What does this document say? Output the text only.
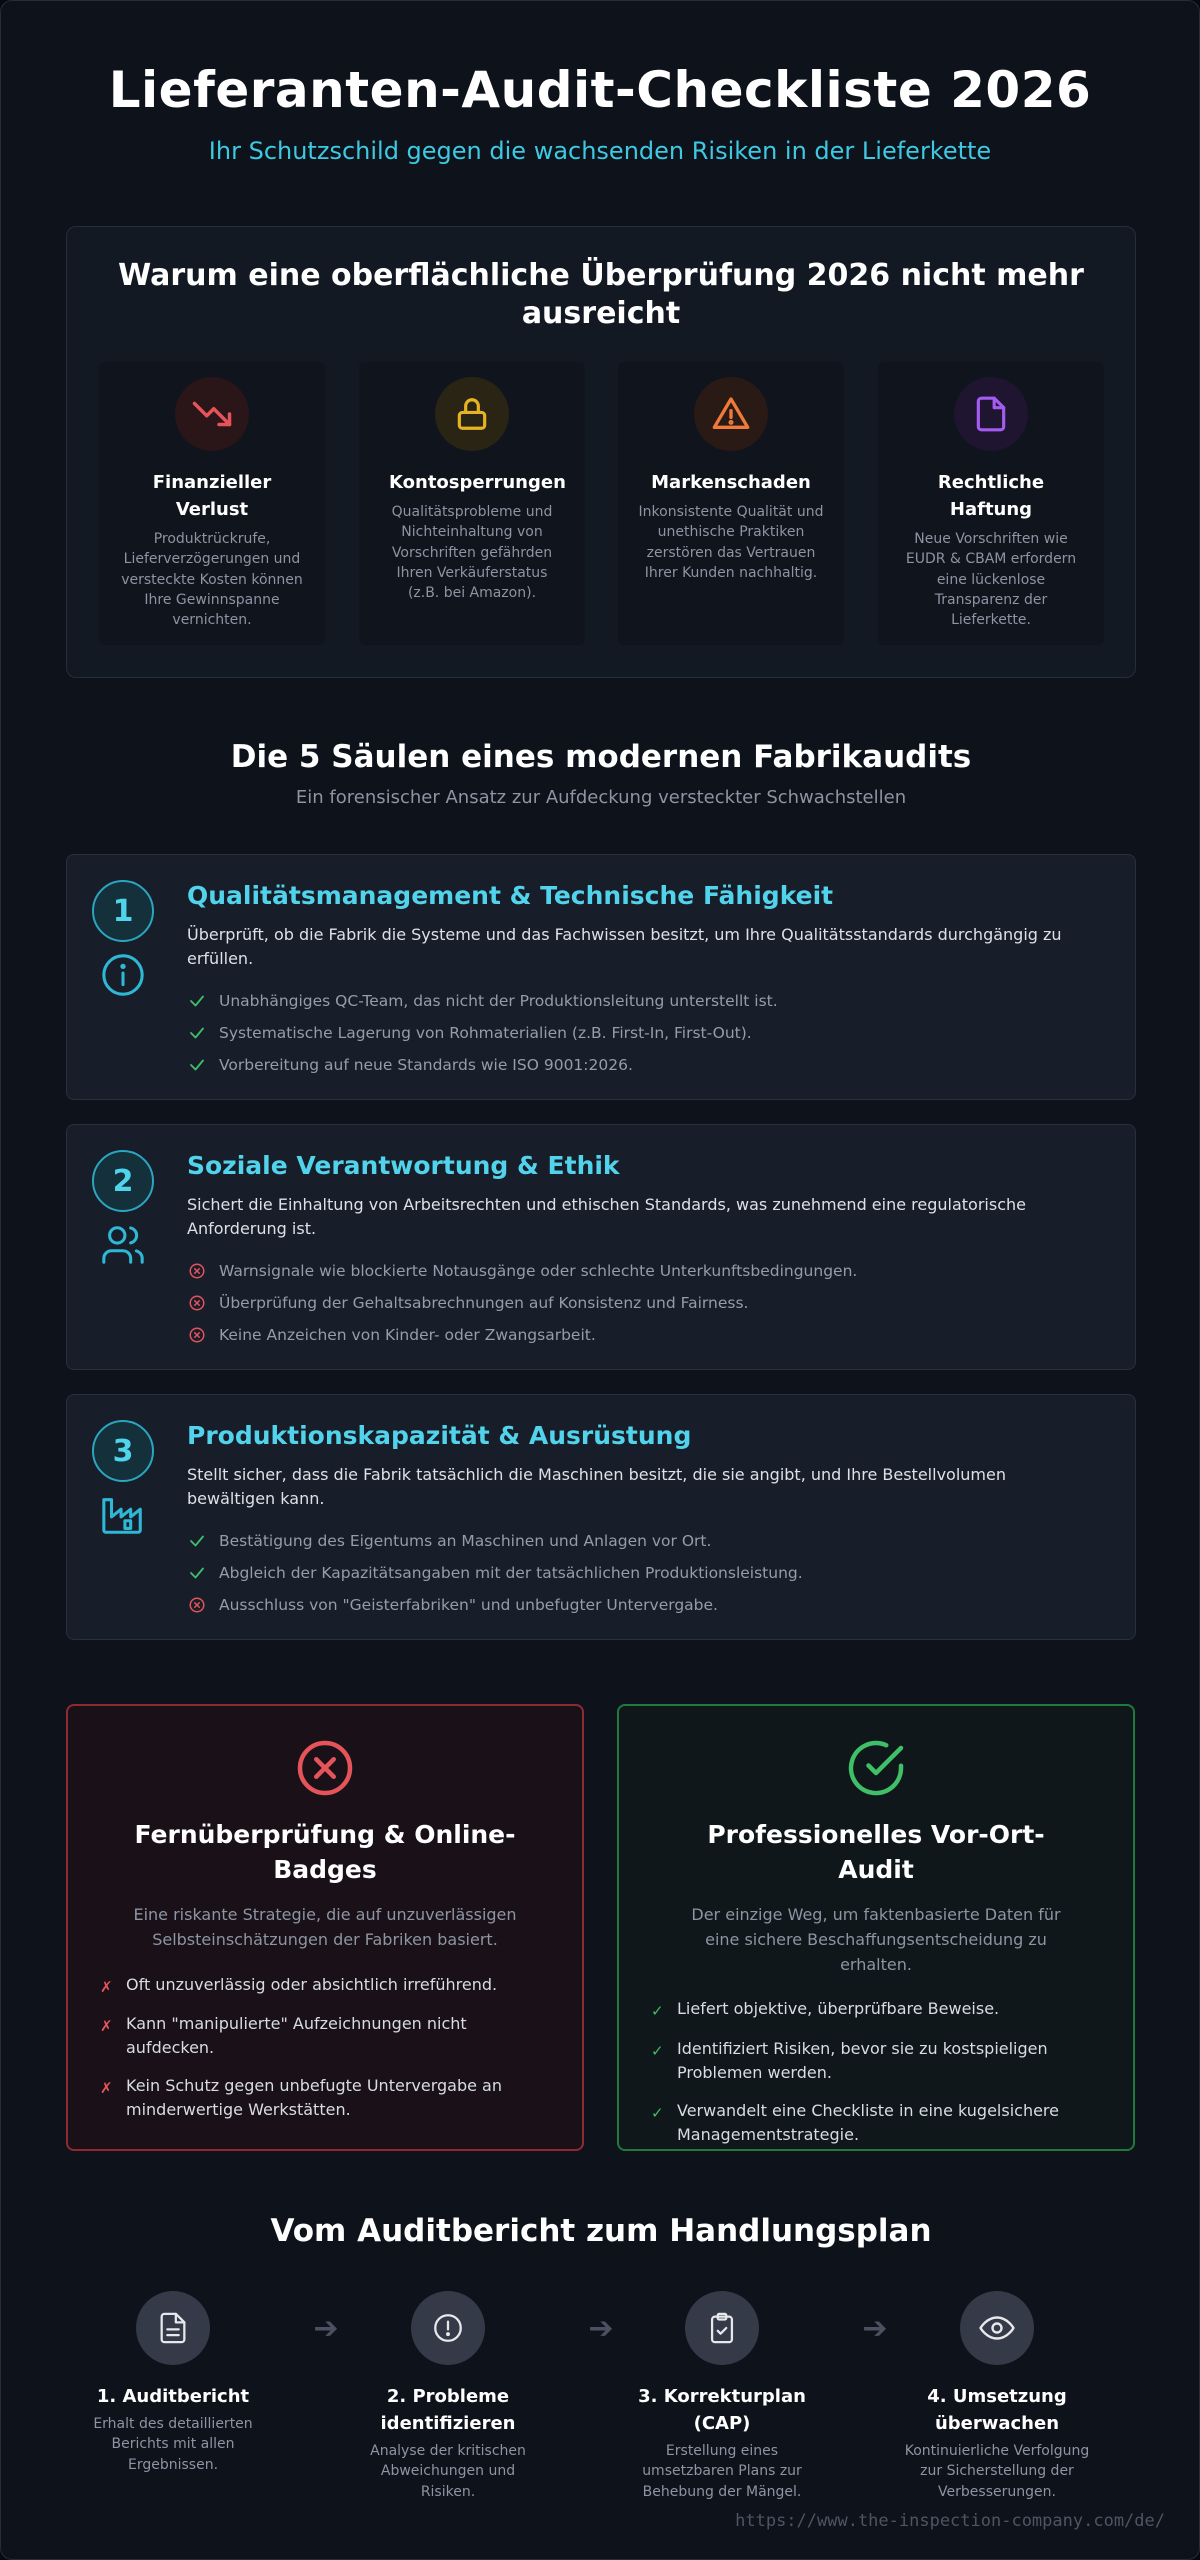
Lieferanten-Audit-Checkliste 2026
Ihr Schutzschild gegen die wachsenden Risiken in der Lieferkette
Warum eine oberflächliche Überprüfung 2026 nicht mehr ausreicht
Finanzieller Verlust
Produktrückrufe, Lieferverzögerungen und versteckte Kosten können Ihre Gewinnspanne vernichten.
Kontosperrungen
Qualitätsprobleme und Nichteinhaltung von Vorschriften gefährden Ihren Verkäuferstatus (z.B. bei Amazon).
Markenschaden
Inkonsistente Qualität und unethische Praktiken zerstören das Vertrauen Ihrer Kunden nachhaltig.
Rechtliche Haftung
Neue Vorschriften wie EUDR & CBAM erfordern eine lückenlose Transparenz der Lieferkette.
Die 5 Säulen eines modernen Fabrikaudits
Ein forensischer Ansatz zur Aufdeckung versteckter Schwachstellen
1	Qualitätsmanagement & Technische Fähigkeit
Überprüft, ob die Fabrik die Systeme und das Fachwissen besitzt, um Ihre Qualitätsstandards durchgängig zu erfüllen.
Unabhängiges QC-Team, das nicht der Produktionsleitung unterstellt ist.
Systematische Lagerung von Rohmaterialien (z.B. First-In, First-Out).
Vorbereitung auf neue Standards wie ISO 9001:2026.
2	Soziale Verantwortung & Ethik
Sichert die Einhaltung von Arbeitsrechten und ethischen Standards, was zunehmend eine regulatorische Anforderung ist.
Warnsignale wie blockierte Notausgänge oder schlechte Unterkunftsbedingungen.
Überprüfung der Gehaltsabrechnungen auf Konsistenz und Fairness.
Keine Anzeichen von Kinder- oder Zwangsarbeit.
3	Produktionskapazität & Ausrüstung
Stellt sicher, dass die Fabrik tatsächlich die Maschinen besitzt, die sie angibt, und Ihre Bestellvolumen bewältigen kann.
Bestätigung des Eigentums an Maschinen und Anlagen vor Ort.
Abgleich der Kapazitätsangaben mit der tatsächlichen Produktionsleistung.
Ausschluss von "Geisterfabriken" und unbefugter Untervergabe.
Fernüberprüfung & Online-Badges
Eine riskante Strategie, die auf unzuverlässigen Selbsteinschätzungen der Fabriken basiert.
✗ Oft unzuverlässig oder absichtlich irreführend.
✗ Kann "manipulierte" Aufzeichnungen nicht aufdecken.
✗ Kein Schutz gegen unbefugte Untervergabe an minderwertige Werkstätten.
Professionelles Vor-Ort-Audit
Der einzige Weg, um faktenbasierte Daten für eine sichere Beschaffungsentscheidung zu erhalten.
✓ Liefert objektive, überprüfbare Beweise.
✓ Identifiziert Risiken, bevor sie zu kostspieligen Problemen werden.
✓ Verwandelt eine Checkliste in eine kugelsichere Managementstrategie.
Vom Auditbericht zum Handlungsplan
1. Auditbericht
Erhalt des detaillierten Berichts mit allen Ergebnissen.
➔
2. Probleme identifizieren
Analyse der kritischen Abweichungen und Risiken.
➔
3. Korrekturplan (CAP)
Erstellung eines umsetzbaren Plans zur Behebung der Mängel.
➔
4. Umsetzung überwachen
Kontinuierliche Verfolgung zur Sicherstellung der Verbesserungen.
https://www.the-inspection-company.com/de/
